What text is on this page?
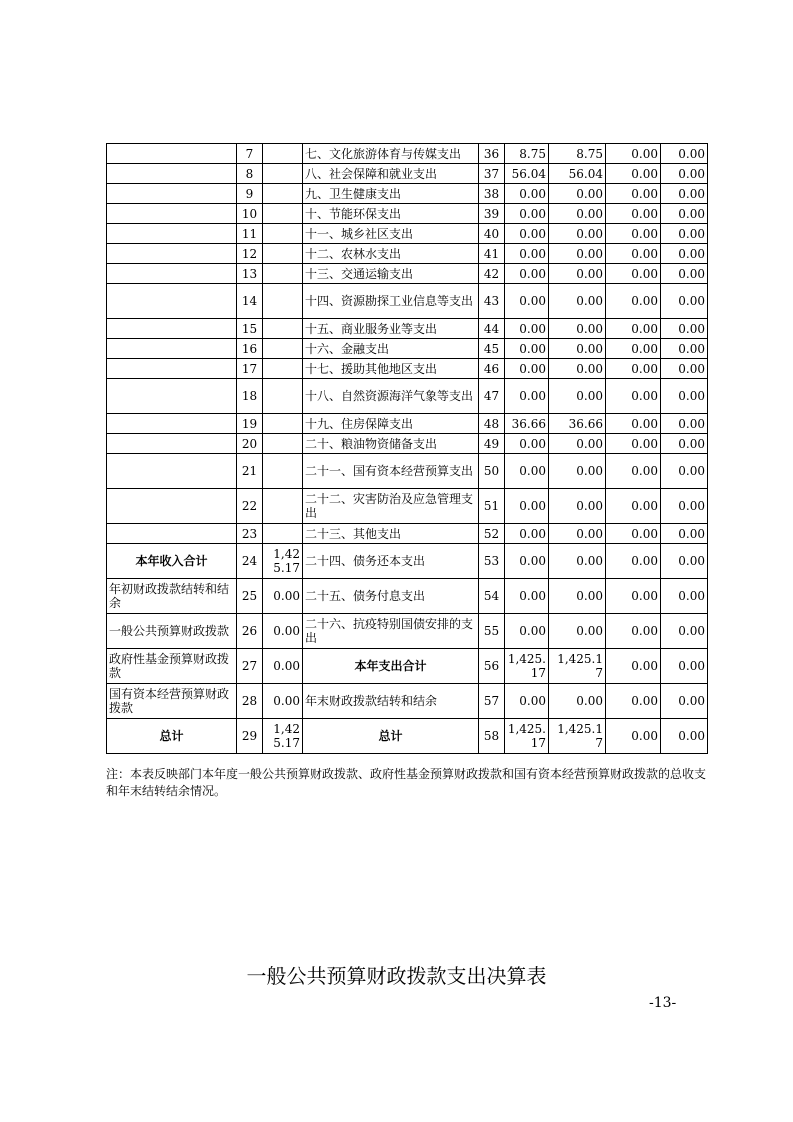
	7		七、文化旅游体育与传媒支出	36	8.75	8.75	0.00	0.00
	8		八、社会保障和就业支出	37	56.04	56.04	0.00	0.00
	9		九、卫生健康支出	38	0.00	0.00	0.00	0.00
	10		十、节能环保支出	39	0.00	0.00	0.00	0.00
	11		十一、城乡社区支出	40	0.00	0.00	0.00	0.00
	12		十二、农林水支出	41	0.00	0.00	0.00	0.00
	13		十三、交通运输支出	42	0.00	0.00	0.00	0.00
	14		十四、资源勘探工业信息等支出	43	0.00	0.00	0.00	0.00
	15		十五、商业服务业等支出	44	0.00	0.00	0.00	0.00
	16		十六、金融支出	45	0.00	0.00	0.00	0.00
	17		十七、援助其他地区支出	46	0.00	0.00	0.00	0.00
	18		十八、自然资源海洋气象等支出	47	0.00	0.00	0.00	0.00
	19		十九、住房保障支出	48	36.66	36.66	0.00	0.00
	20		二十、粮油物资储备支出	49	0.00	0.00	0.00	0.00
	21		二十一、国有资本经营预算支出	50	0.00	0.00	0.00	0.00
	22		二十二、灾害防治及应急管理支出	51	0.00	0.00	0.00	0.00
	23		二十三、其他支出	52	0.00	0.00	0.00	0.00
本年收入合计	24	1,425.17	二十四、债务还本支出	53	0.00	0.00	0.00	0.00
年初财政拨款结转和结余	25	0.00	二十五、债务付息支出	54	0.00	0.00	0.00	0.00
一般公共预算财政拨款	26	0.00	二十六、抗疫特别国债安排的支出	55	0.00	0.00	0.00	0.00
政府性基金预算财政拨款	27	0.00	本年支出合计	56	1,425.17	1,425.17	0.00	0.00
国有资本经营预算财政拨款	28	0.00	年末财政拨款结转和结余	57	0.00	0.00	0.00	0.00
总计	29	1,425.17	总计	58	1,425.17	1,425.17	0.00	0.00
注：本表反映部门本年度一般公共预算财政拨款、政府性基金预算财政拨款和国有资本经营预算财政拨款的总收支和年末结转结余情况。
一般公共预算财政拨款支出决算表
-13-
